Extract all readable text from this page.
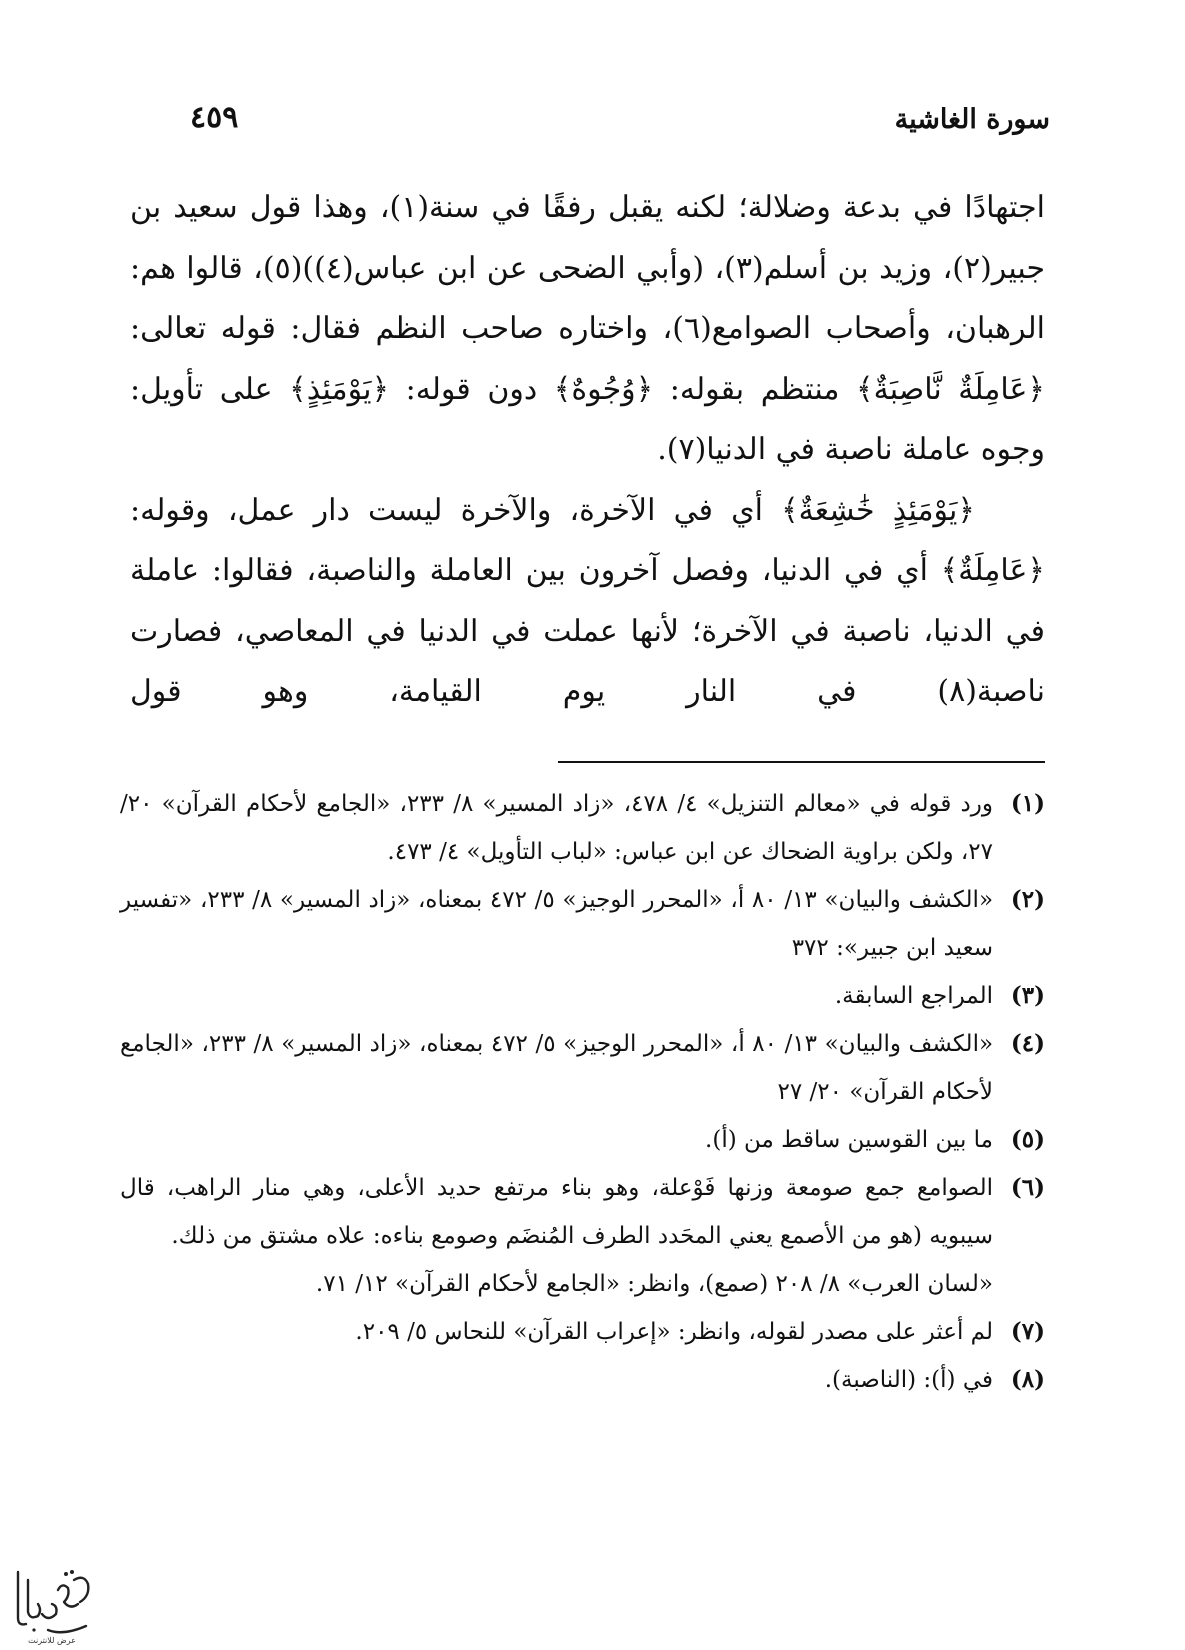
سورة الغاشية
٤٥٩

اجتهادًا في بدعة وضلالة؛ لكنه يقبل رفقًا في سنة(١)، وهذا قول سعيد بن جبير(٢)، وزيد بن أسلم(٣)، (وأبي الضحى عن ابن عباس(٤))(٥)، قالوا هم: الرهبان، وأصحاب الصوامع(٦)، واختاره صاحب النظم فقال: قوله تعالى: ﴿عَامِلَةٌ نَّاصِبَةٌ﴾ منتظم بقوله: ﴿وُجُوهٌ﴾ دون قوله: ﴿يَوْمَئِذٍ﴾ على تأويل: وجوه عاملة ناصبة في الدنيا(٧).

﴿يَوْمَئِذٍ خَٰشِعَةٌ﴾ أي في الآخرة، والآخرة ليست دار عمل، وقوله: ﴿عَامِلَةٌ﴾ أي في الدنيا، وفصل آخرون بين العاملة والناصبة، فقالوا: عاملة في الدنيا، ناصبة في الآخرة؛ لأنها عملت في الدنيا في المعاصي، فصارت ناصبة(٨) في النار يوم القيامة، وهو قول

(١)
ورد قوله في «معالم التنزيل» ٤/ ٤٧٨، «زاد المسير» ٨/ ٢٣٣، «الجامع لأحكام القرآن» ٢٠/ ٢٧، ولكن براوية الضحاك عن ابن عباس: «لباب التأويل» ٤/ ٤٧٣.
(٢)
«الكشف والبيان» ١٣/ ٨٠ أ، «المحرر الوجيز» ٥/ ٤٧٢ بمعناه، «زاد المسير» ٨/ ٢٣٣، «تفسير سعيد ابن جبير»: ٣٧٢
(٣)
المراجع السابقة.
(٤)
«الكشف والبيان» ١٣/ ٨٠ أ، «المحرر الوجيز» ٥/ ٤٧٢ بمعناه، «زاد المسير» ٨/ ٢٣٣، «الجامع لأحكام القرآن» ٢٠/ ٢٧
(٥)
ما بين القوسين ساقط من (أ).
(٦)
الصوامع جمع صومعة وزنها فَوْعلة، وهو بناء مرتفع حديد الأعلى، وهي منار الراهب، قال سيبويه (هو من الأصمع يعني المحَدد الطرف المُنضَم وصومع بناءه: علاه مشتق من ذلك.
«لسان العرب» ٨/ ٢٠٨ (صمع)، وانظر: «الجامع لأحكام القرآن» ١٢/ ٧١.
(٧)
لم أعثر على مصدر لقوله، وانظر: «إعراب القرآن» للنحاس ٥/ ٢٠٩.
(٨)
في (أ): (الناصبة).
عرض للانترنت
